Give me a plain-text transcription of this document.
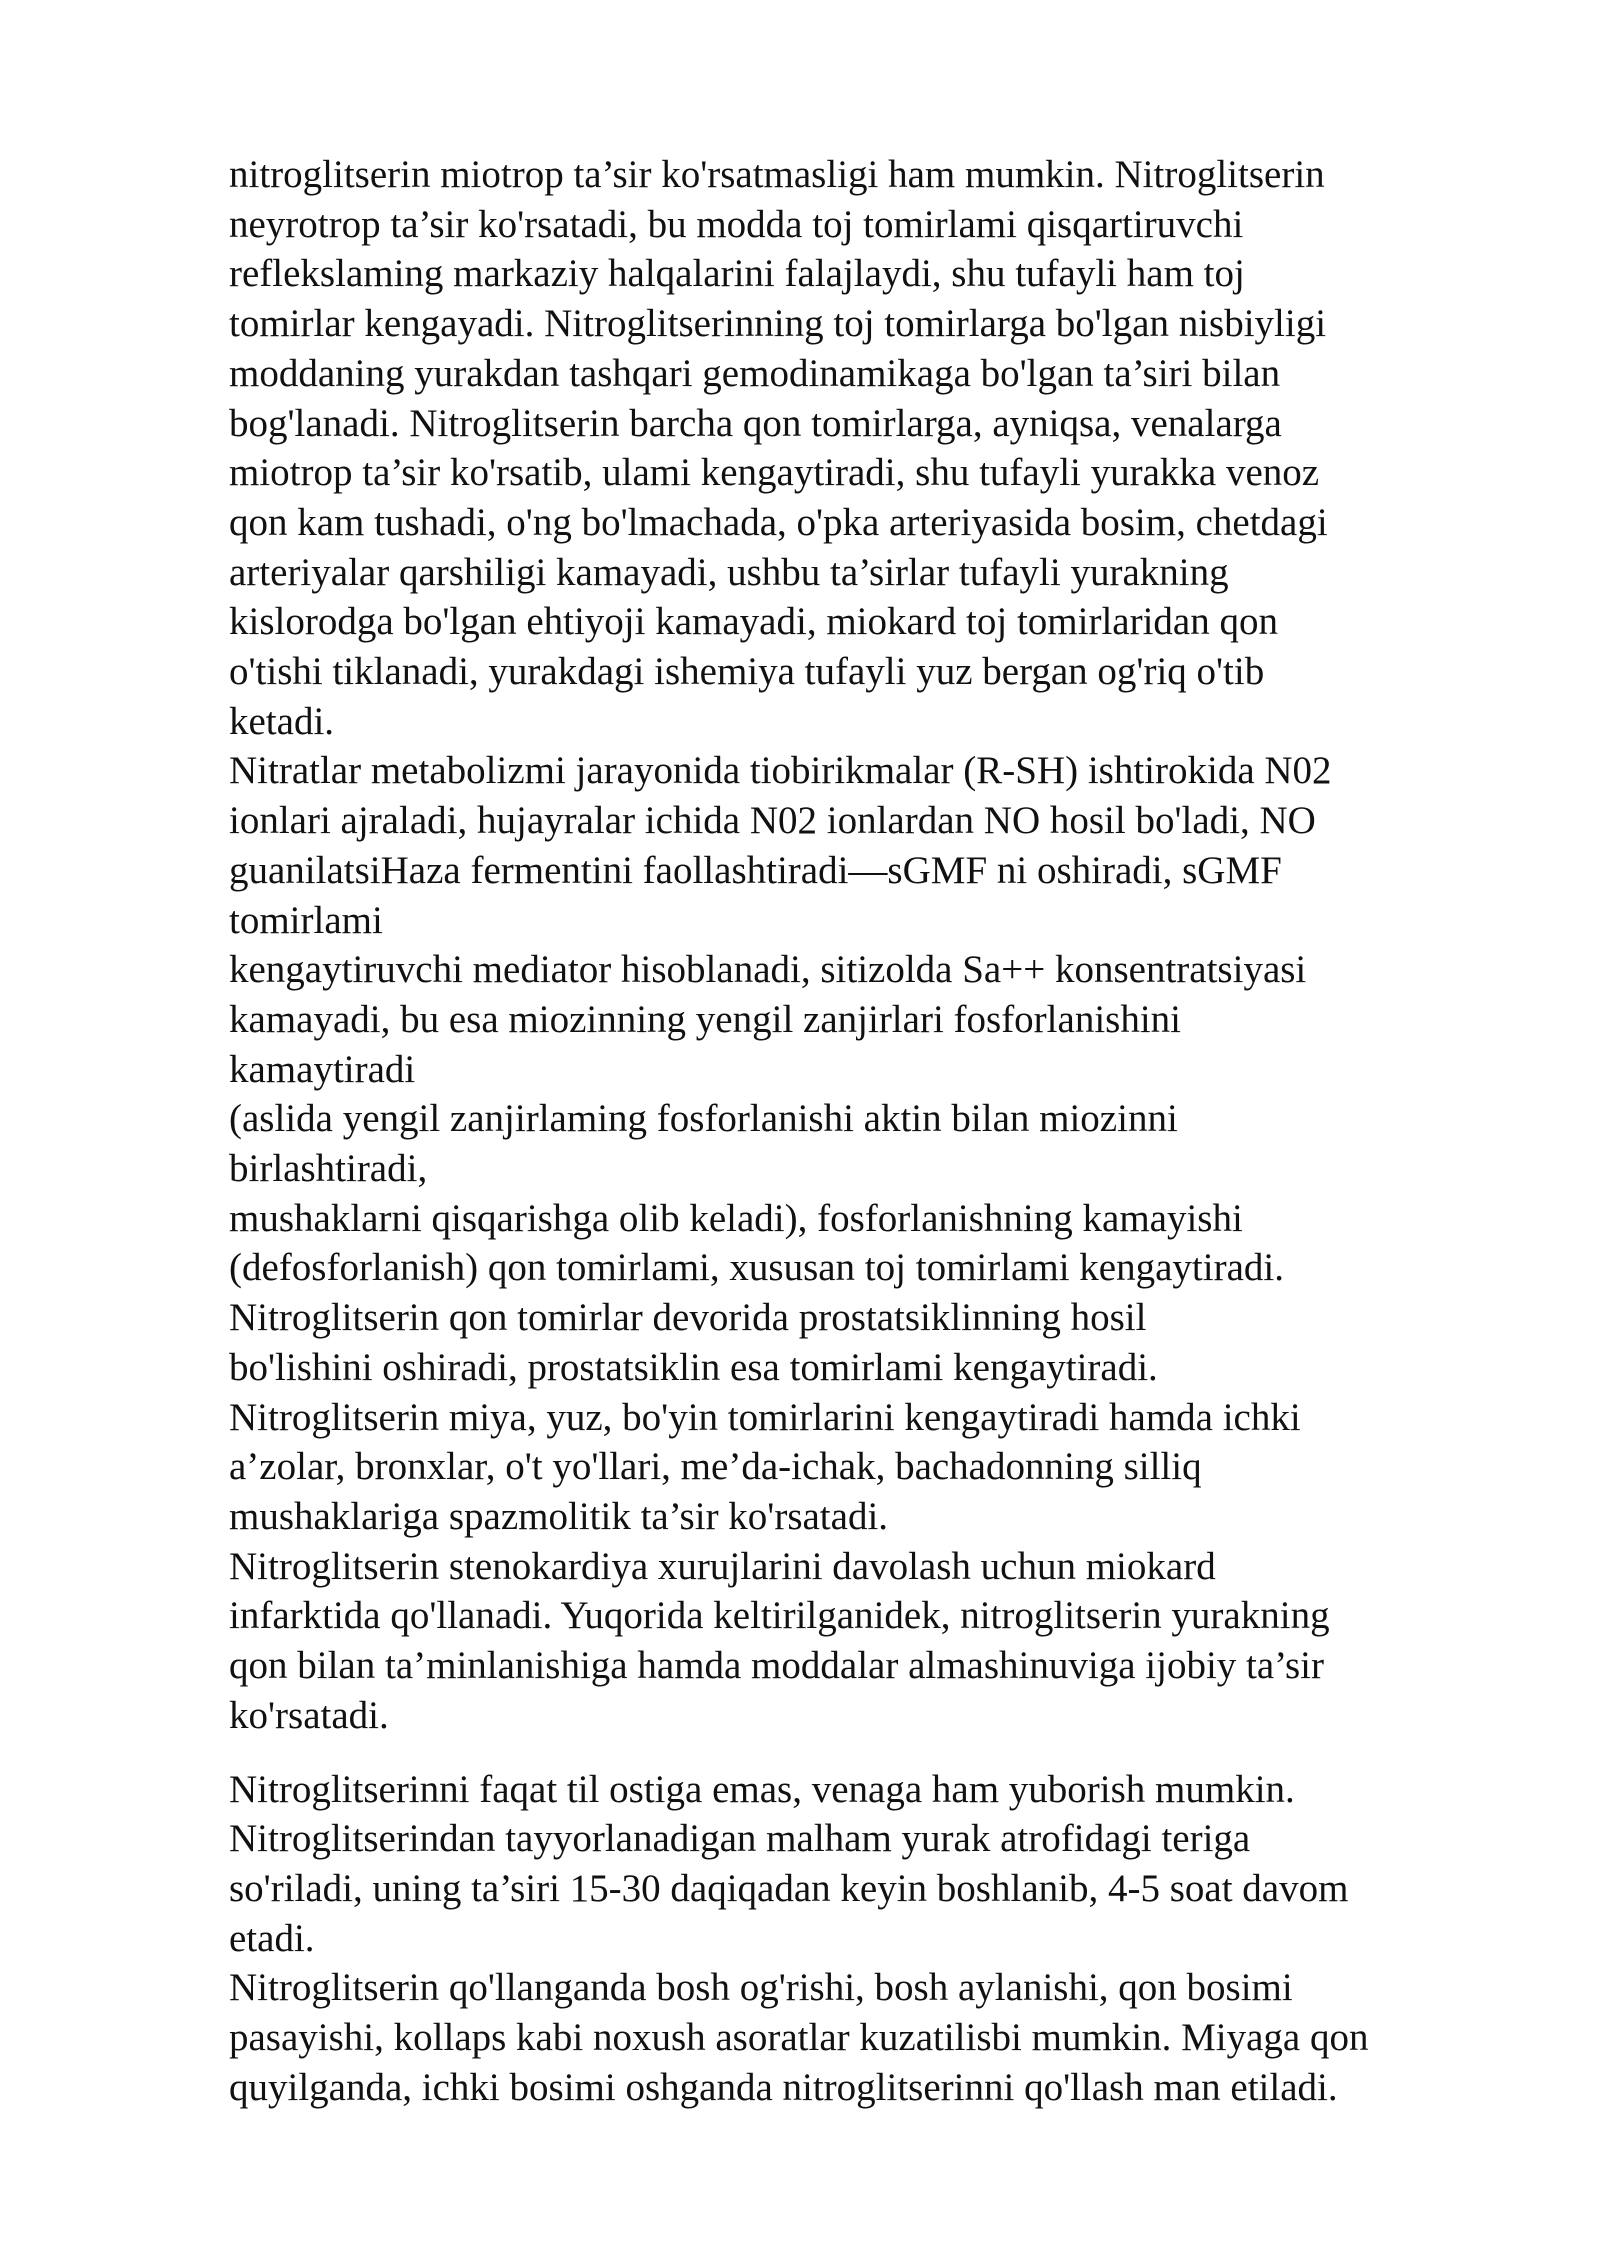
nitroglitserin miotrop ta’sir ko'rsatmasligi ham mumkin. Nitroglitserin
neyrotrop ta’sir ko'rsatadi, bu modda toj tomirlami qisqartiruvchi
reflekslaming markaziy halqalarini falajlaydi, shu tufayli ham toj
tomirlar kengayadi. Nitroglitserinning toj tomirlarga bo'lgan nisbiyligi
moddaning yurakdan tashqari gemodinamikaga bo'lgan ta’siri bilan
bog'lanadi. Nitroglitserin barcha qon tomirlarga, ayniqsa, venalarga
miotrop ta’sir ko'rsatib, ulami kengaytiradi, shu tufayli yurakka venoz
qon kam tushadi, o'ng bo'lmachada, o'pka arteriyasida bosim, chetdagi
arteriyalar qarshiligi kamayadi, ushbu ta’sirlar tufayli yurakning
kislorodga bo'lgan ehtiyoji kamayadi, miokard toj tomirlaridan qon
o'tishi tiklanadi, yurakdagi ishemiya tufayli yuz bergan og'riq o'tib
ketadi.
Nitratlar metabolizmi jarayonida tiobirikmalar (R-SH) ishtirokida N02
ionlari ajraladi, hujayralar ichida N02 ionlardan NO hosil bo'ladi, NO
guanilatsiHaza fermentini faollashtiradi—sGMF ni oshiradi, sGMF
tomirlami
kengaytiruvchi mediator hisoblanadi, sitizolda Sa++ konsentratsiyasi
kamayadi, bu esa miozinning yengil zanjirlari fosforlanishini
kamaytiradi
(aslida yengil zanjirlaming fosforlanishi aktin bilan miozinni
birlashtiradi,
mushaklarni qisqarishga olib keladi), fosforlanishning kamayishi
(defosforlanish) qon tomirlami, xususan toj tomirlami kengaytiradi.
Nitroglitserin qon tomirlar devorida prostatsiklinning hosil
bo'lishini oshiradi, prostatsiklin esa tomirlami kengaytiradi.
Nitroglitserin miya, yuz, bo'yin tomirlarini kengaytiradi hamda ichki
a’zolar, bronxlar, o't yo'llari, me’da-ichak, bachadonning silliq
mushaklariga spazmolitik ta’sir ko'rsatadi.
Nitroglitserin stenokardiya xurujlarini davolash uchun miokard
infarktida qo'llanadi. Yuqorida keltirilganidek, nitroglitserin yurakning
qon bilan ta’minlanishiga hamda moddalar almashinuviga ijobiy ta’sir
ko'rsatadi.
Nitroglitserinni faqat til ostiga emas, venaga ham yuborish mumkin.
Nitroglitserindan tayyorlanadigan malham yurak atrofidagi teriga
so'riladi, uning ta’siri 15-30 daqiqadan keyin boshlanib, 4-5 soat davom
etadi.
Nitroglitserin qo'llanganda bosh og'rishi, bosh aylanishi, qon bosimi
pasayishi, kollaps kabi noxush asoratlar kuzatilisbi mumkin. Miyaga qon
quyilganda, ichki bosimi oshganda nitroglitserinni qo'llash man etiladi.
